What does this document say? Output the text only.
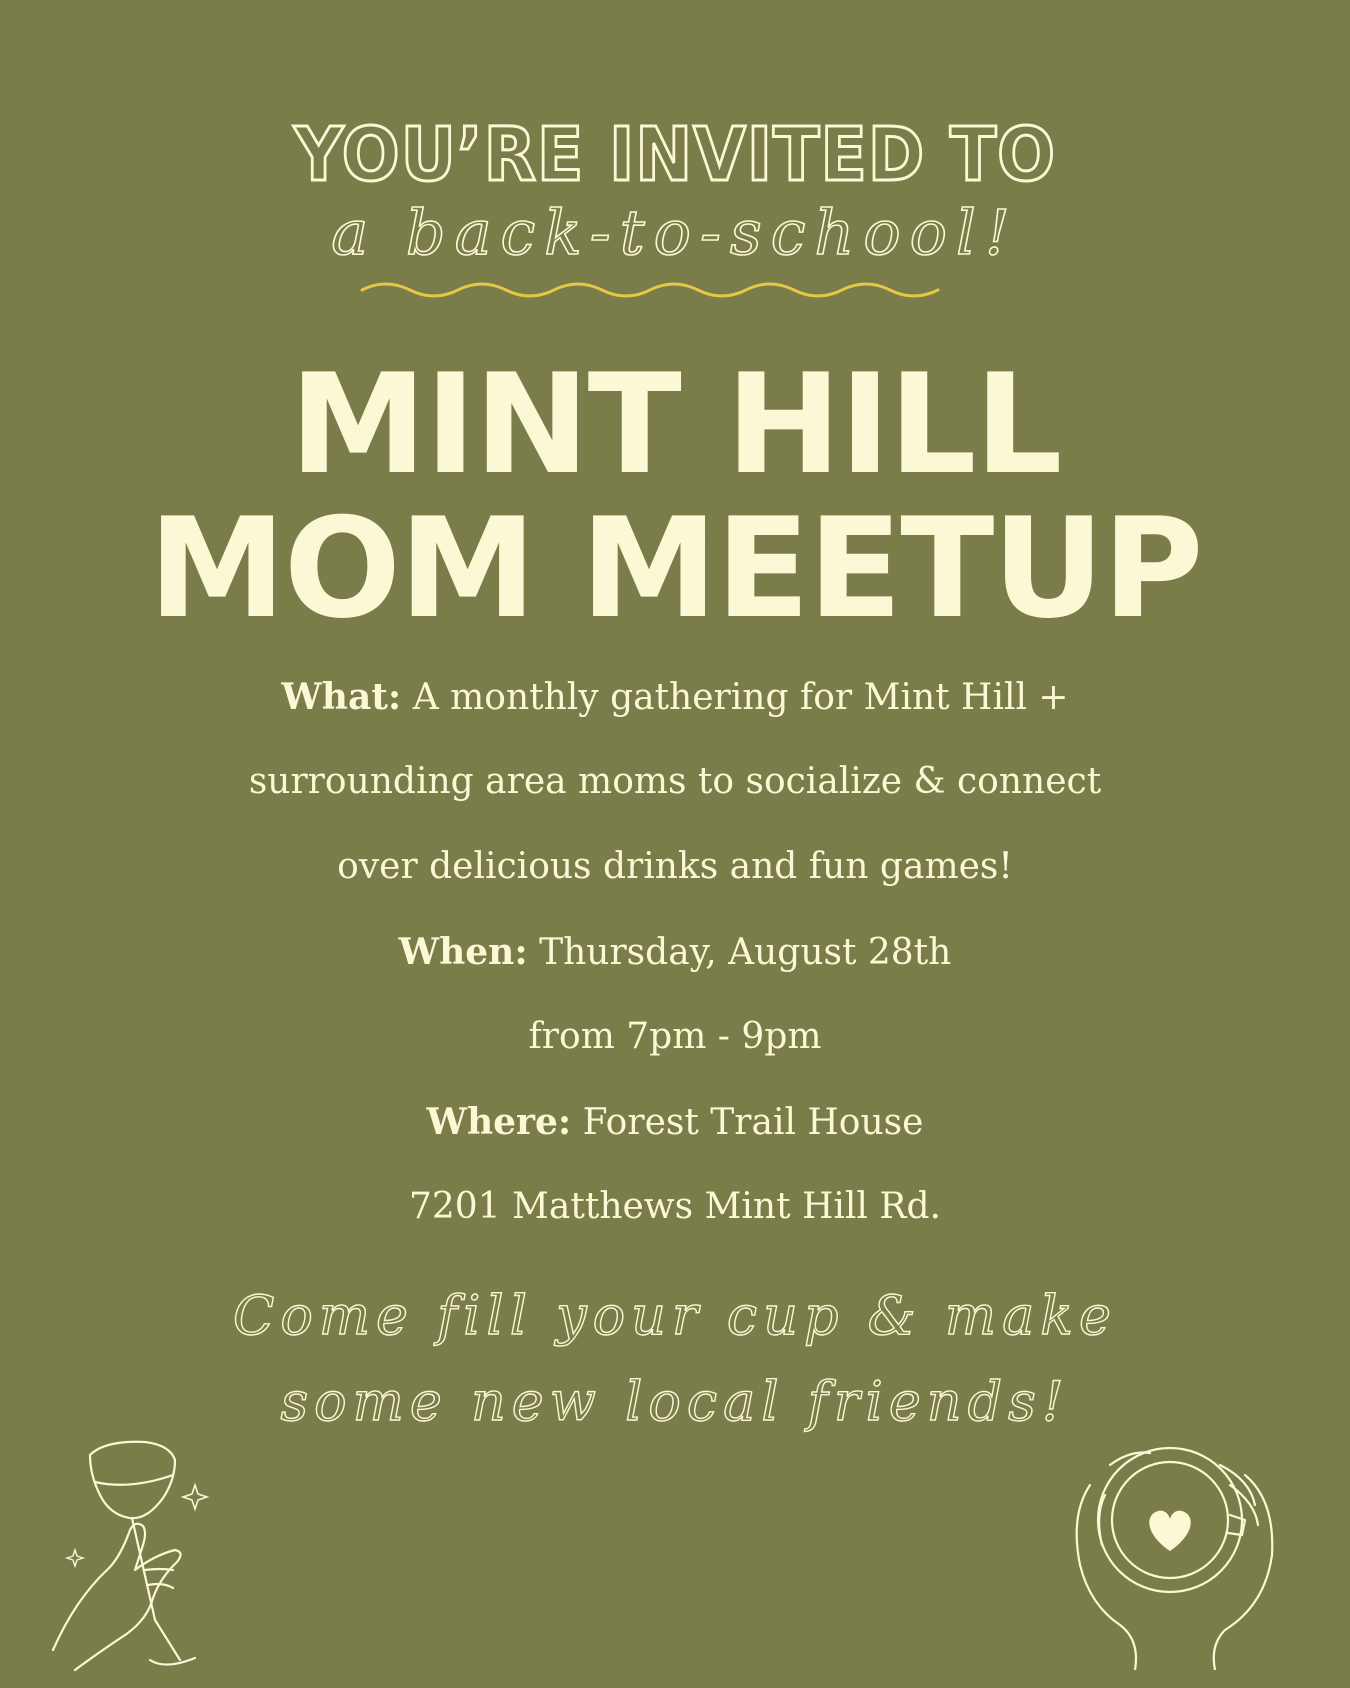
YOU’RE INVITED TO
a back-to-school!
MINT HILL
MOM MEETUP
What: A monthly gathering for Mint Hill +
surrounding area moms to socialize & connect
over delicious drinks and fun games!
When: Thursday, August 28th
from 7pm - 9pm
Where: Forest Trail House
7201 Matthews Mint Hill Rd.
Come fill your cup & make
some new local friends!
